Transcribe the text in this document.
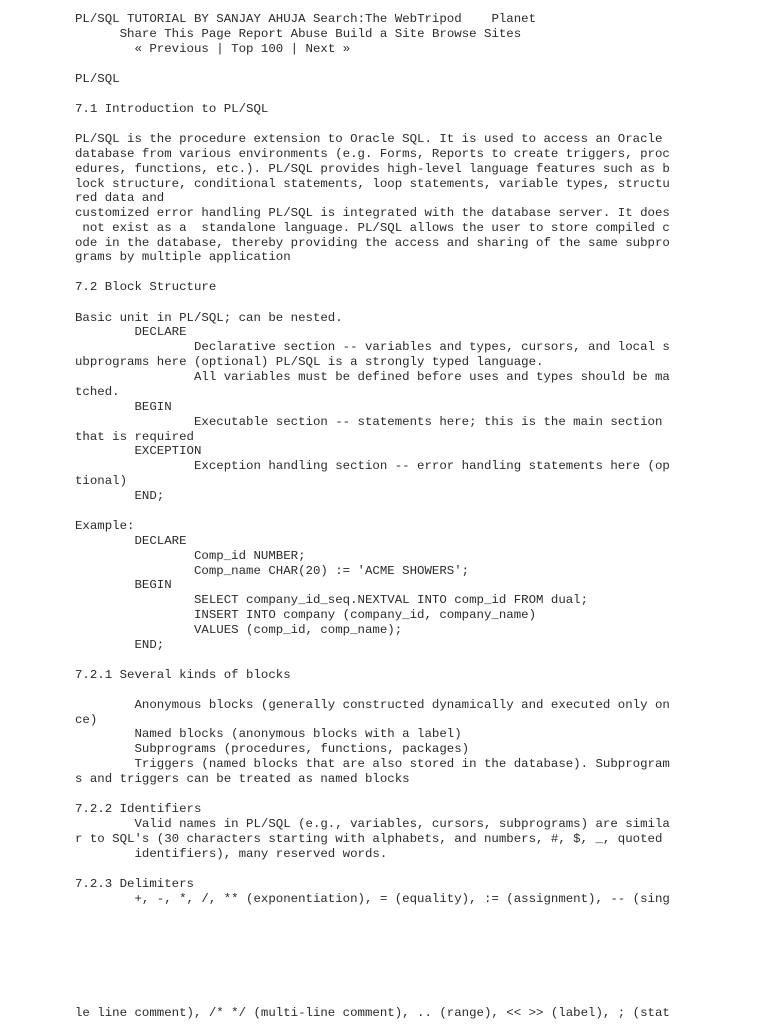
PL/SQL TUTORIAL BY SANJAY AHUJA Search:The WebTripod Planet
Share This Page Report Abuse Build a Site Browse Sites
« Previous | Top 100 | Next »
PL/SQL
7.1 Introduction to PL/SQL
PL/SQL is the procedure extension to Oracle SQL. It is used to access an Oracle
database from various environments (e.g. Forms, Reports to create triggers, proc
edures, functions, etc.). PL/SQL provides high-level language features such as b
lock structure, conditional statements, loop statements, variable types, structu
red data and
customized error handling PL/SQL is integrated with the database server. It does
not exist as a  standalone language. PL/SQL allows the user to store compiled c
ode in the database, thereby providing the access and sharing of the same subpro
grams by multiple application
7.2 Block Structure
Basic unit in PL/SQL; can be nested.
DECLARE
Declarative section -- variables and types, cursors, and local s
ubprograms here (optional) PL/SQL is a strongly typed language.
All variables must be defined before uses and types should be ma
tched.
BEGIN
Executable section -- statements here; this is the main section
that is required
EXCEPTION
Exception handling section -- error handling statements here (op
tional)
END;
Example:
DECLARE
Comp_id NUMBER;
Comp_name CHAR(20) := 'ACME SHOWERS';
BEGIN
SELECT company_id_seq.NEXTVAL INTO comp_id FROM dual;
INSERT INTO company (company_id, company_name)
VALUES (comp_id, comp_name);
END;
7.2.1 Several kinds of blocks
Anonymous blocks (generally constructed dynamically and executed only on
ce)
Named blocks (anonymous blocks with a label)
Subprograms (procedures, functions, packages)
Triggers (named blocks that are also stored in the database). Subprogram
s and triggers can be treated as named blocks
7.2.2 Identifiers
Valid names in PL/SQL (e.g., variables, cursors, subprograms) are simila
r to SQL's (30 characters starting with alphabets, and numbers, #, $, _, quoted
identifiers), many reserved words.
7.2.3 Delimiters
+, -, *, /, ** (exponentiation), = (equality), := (assignment), -- (sing
le line comment), /* */ (multi-line comment), .. (range), << >> (label), ; (stat
